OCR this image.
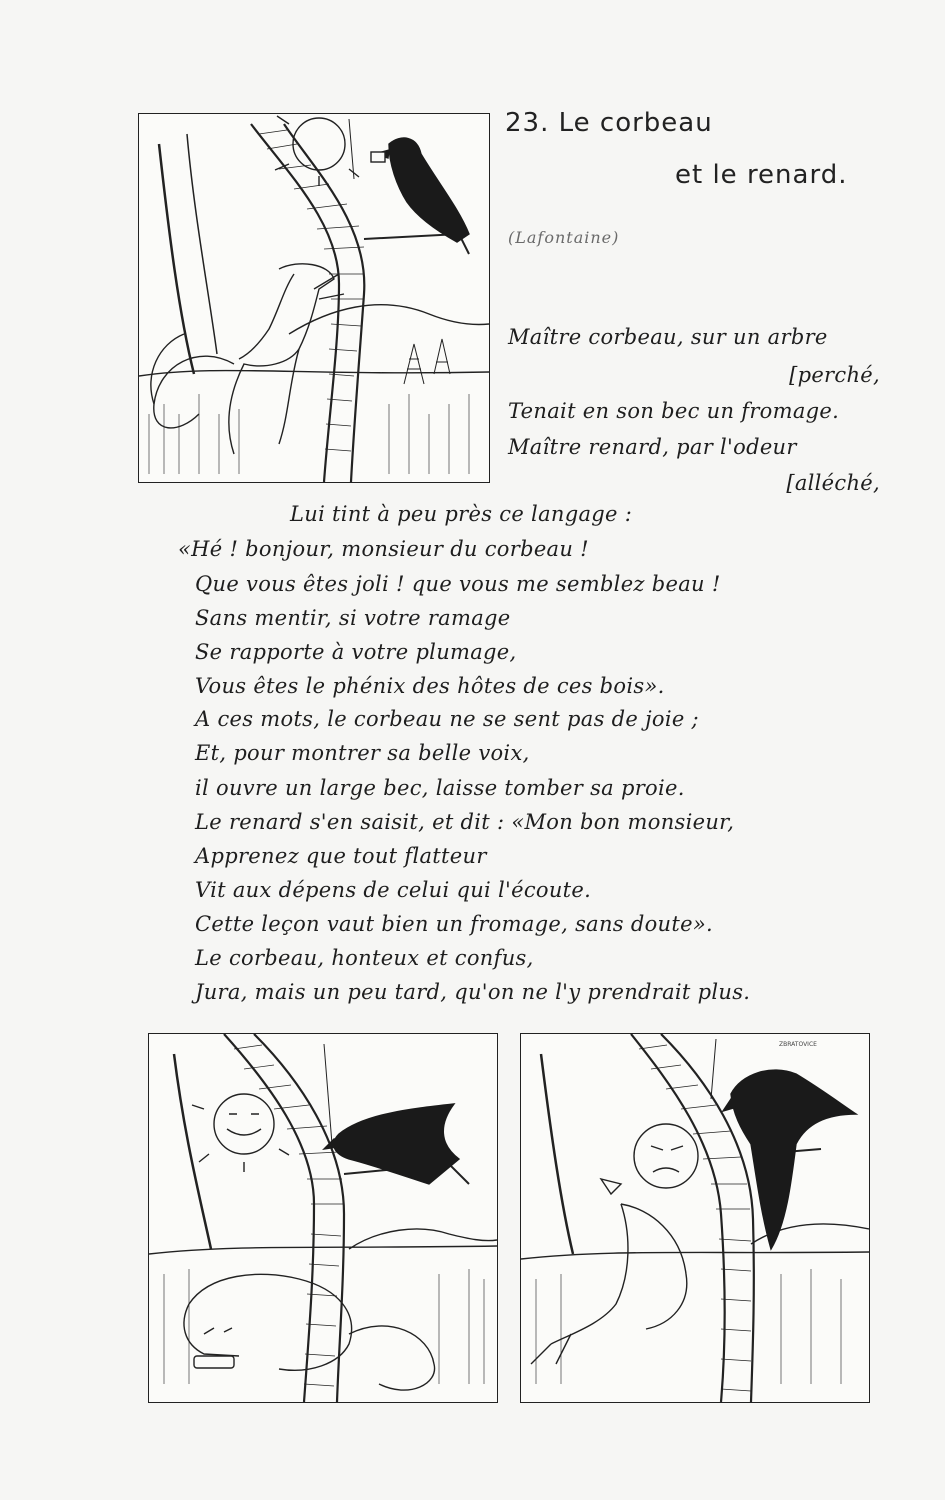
23. Le corbeau
et le renard.
(Lafontaine)
Maître corbeau, sur un arbre
[perché,
Tenait en son bec un fromage.
Maître renard, par l'odeur
[alléché,
Lui tint à peu près ce langage :
«Hé ! bonjour, monsieur du corbeau !
Que vous êtes joli ! que vous me semblez beau !
Sans mentir, si votre ramage
Se rapporte à votre plumage,
Vous êtes le phénix des hôtes de ces bois».
A ces mots, le corbeau ne se sent pas de joie ;
Et, pour montrer sa belle voix,
il ouvre un large bec, laisse tomber sa proie.
Le renard s'en saisit, et dit : «Mon bon monsieur,
Apprenez que tout flatteur
Vit aux dépens de celui qui l'écoute.
Cette leçon vaut bien un fromage, sans doute».
Le corbeau, honteux et confus,
Jura, mais un peu tard, qu'on ne l'y prendrait plus.
ZBRATOVICE
